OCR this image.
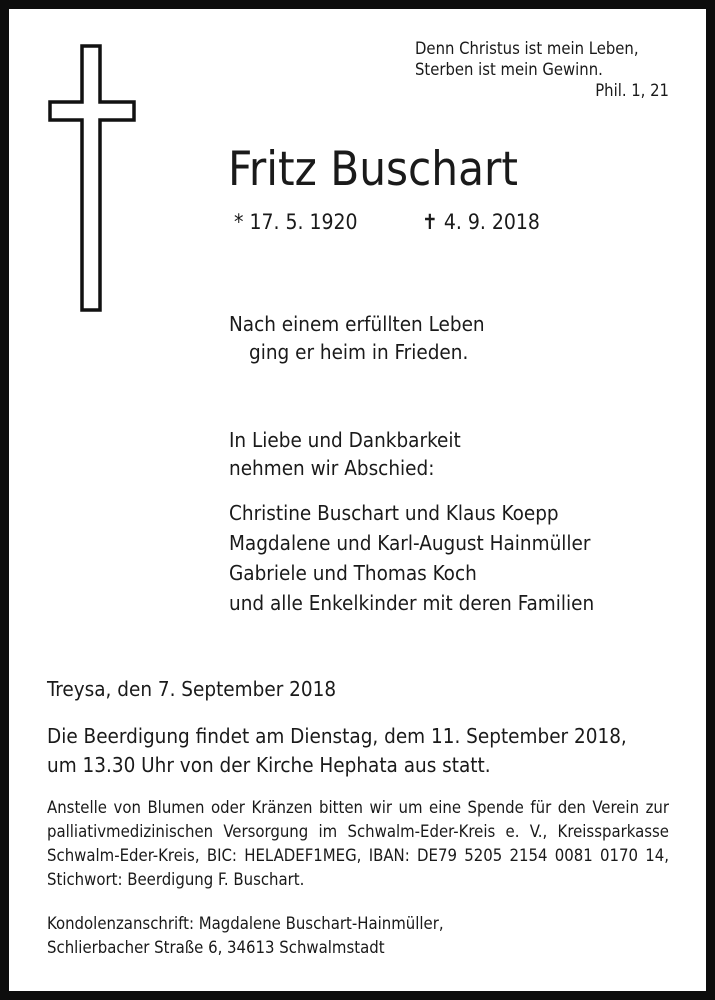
Denn Christus ist mein Leben,
Sterben ist mein Gewinn.
Phil. 1, 21
Fritz Buschart
* 17. 5. 1920	✝ 4. 9. 2018
Nach einem erfüllten Leben
ging er heim in Frieden.
In Liebe und Dankbarkeit
nehmen wir Abschied:
Christine Buschart und Klaus Koepp
Magdalene und Karl-August Hainmüller
Gabriele und Thomas Koch
und alle Enkelkinder mit deren Familien
Treysa, den 7. September 2018
Die Beerdigung findet am Dienstag, dem 11. September 2018,
um 13.30 Uhr von der Kirche Hephata aus statt.
Anstelle von Blumen oder Kränzen bitten wir um eine Spende für den Verein zur palliativmedizinischen Versorgung im Schwalm-Eder-Kreis e. V., Kreissparkasse Schwalm-Eder-Kreis, BIC: HELADEF1MEG, IBAN: DE79 5205 2154 0081 0170 14, Stichwort: Beerdigung F. Buschart.
Kondolenzanschrift: Magdalene Buschart-Hainmüller,
Schlierbacher Straße 6, 34613 Schwalmstadt
